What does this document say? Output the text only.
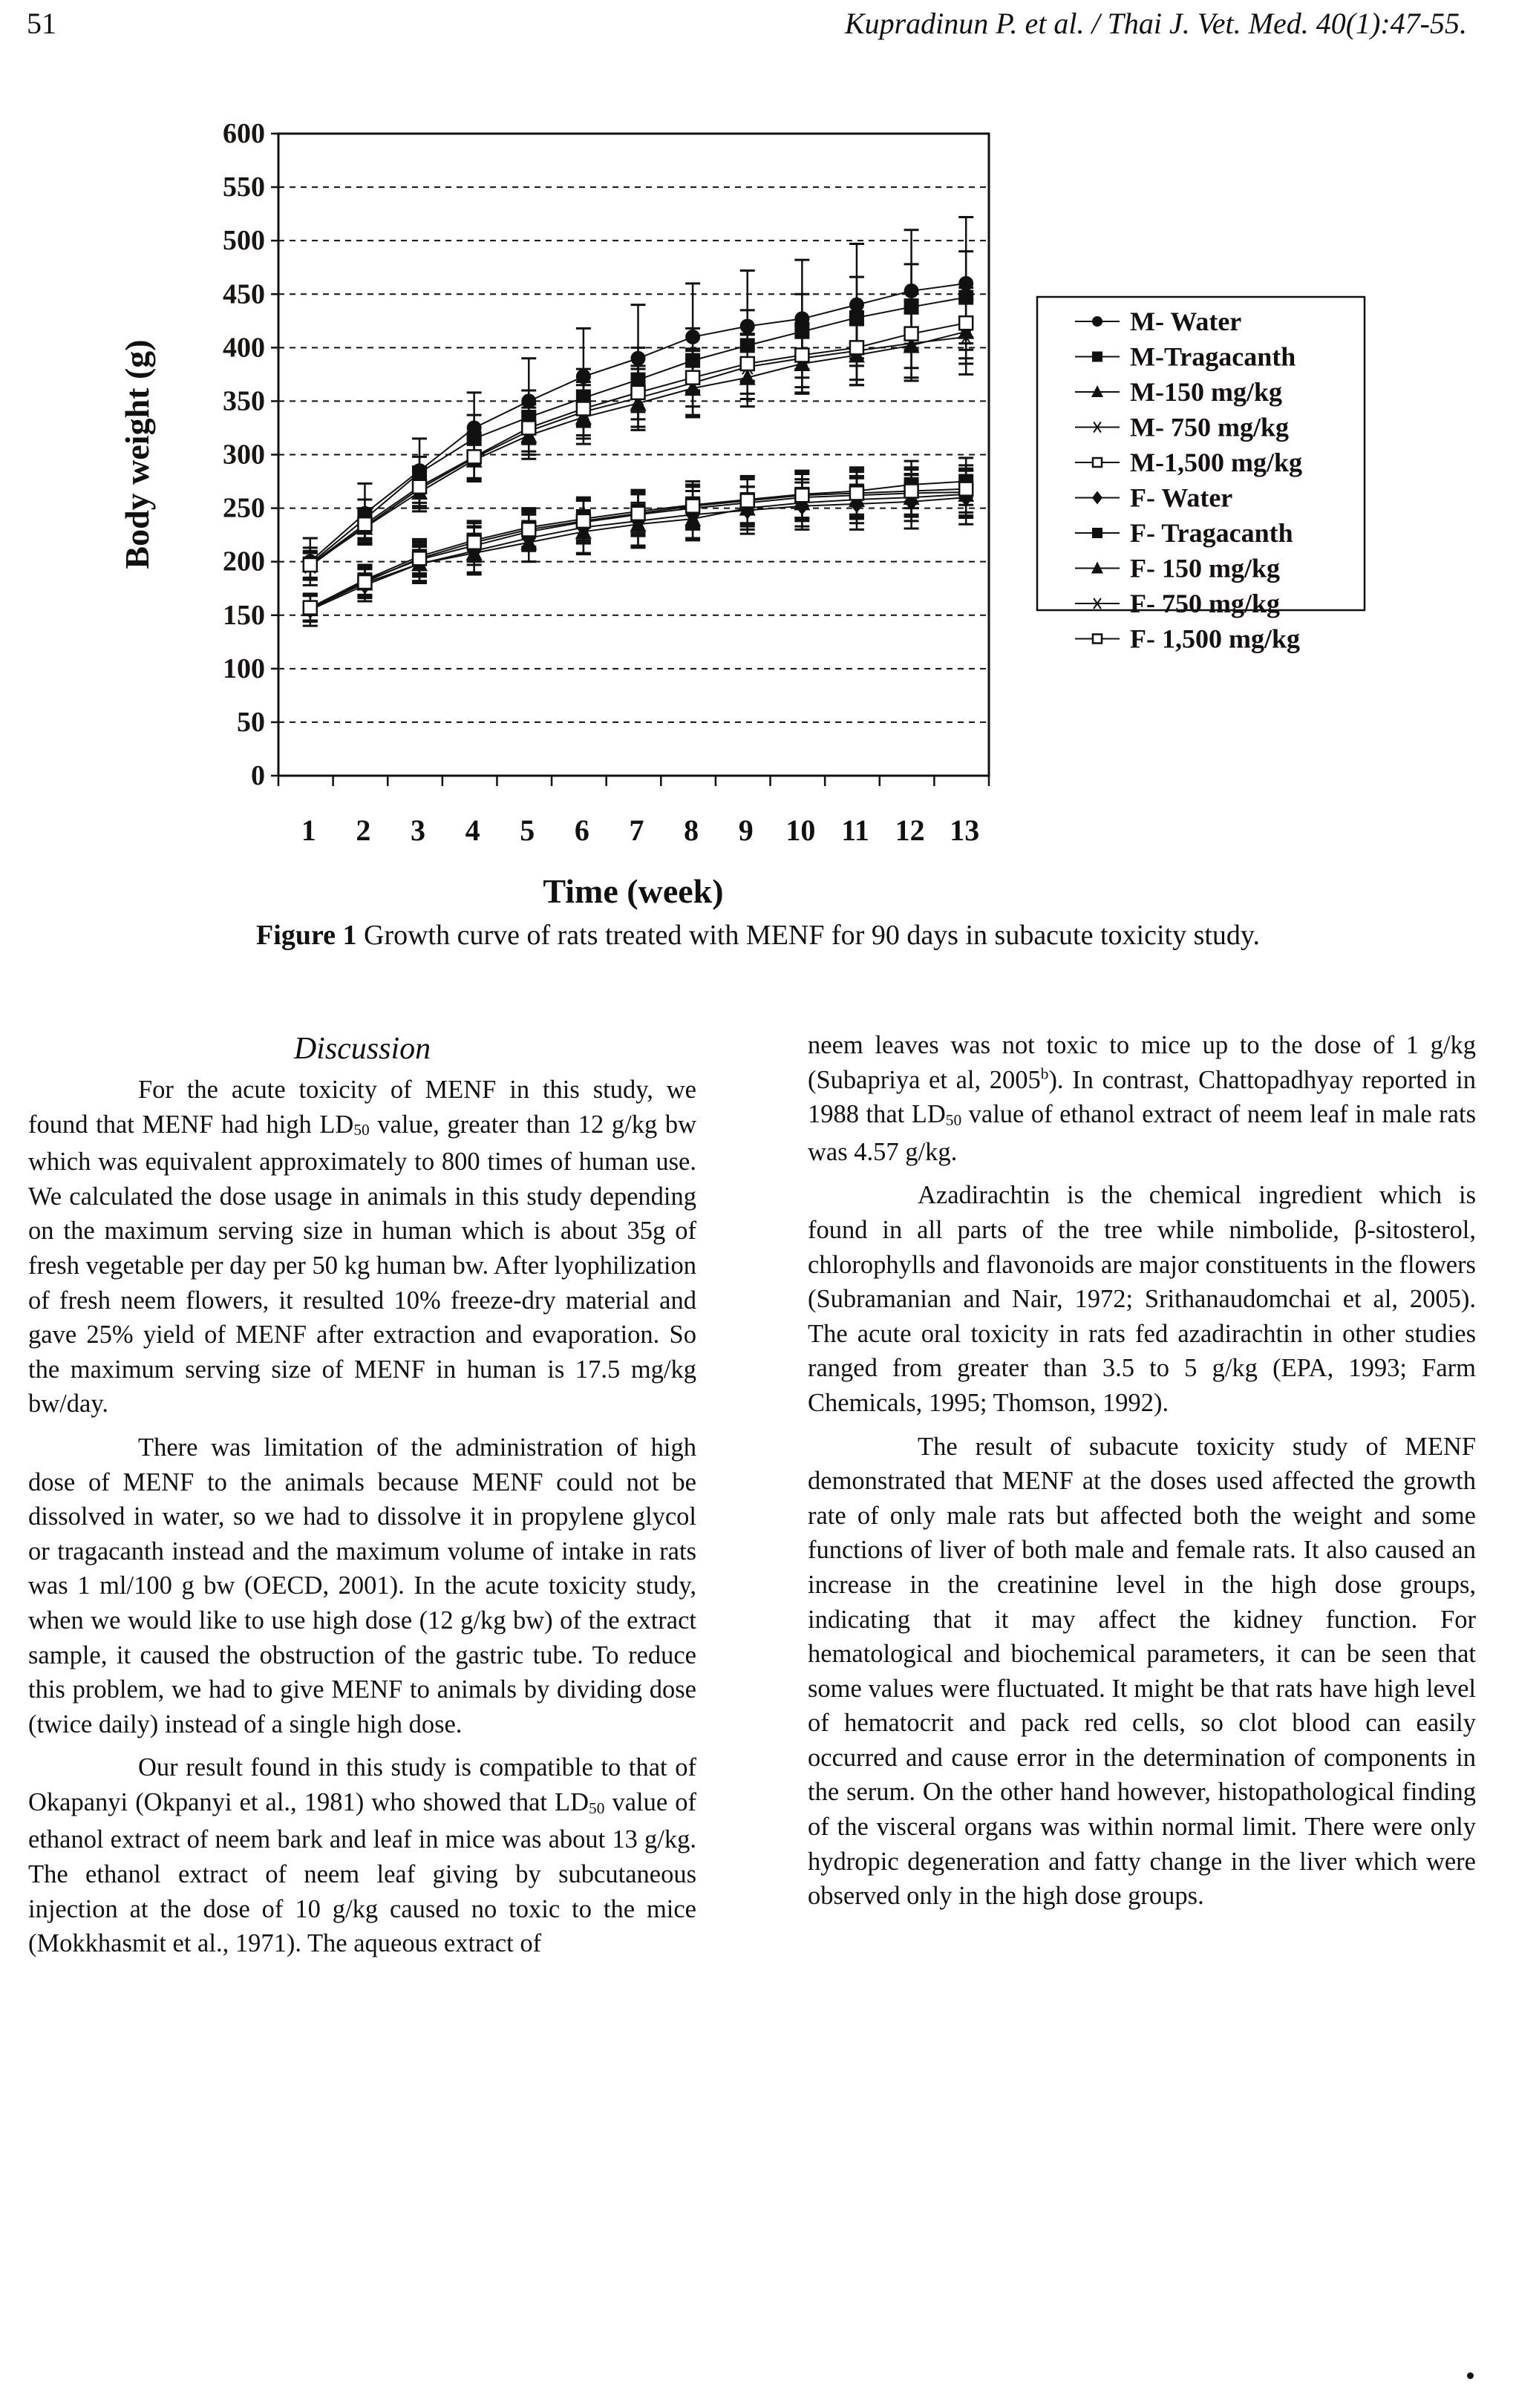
51	Kupradinun P. et al. / Thai J. Vet. Med. 40(1):47-55.
0
50
100
150
200
250
300
350
400
450
500
550
600
1 2 3 4 5 6 7 8 9 10 11 12 13
Time (week)
Body weight (g)
M- Water
M-Tragacanth
M-150 mg/kg
M- 750 mg/kg
M-1,500 mg/kg
F- Water
F- Tragacanth
F- 150 mg/kg
F- 750 mg/kg
F- 1,500 mg/kg
Figure 1 Growth curve of rats treated with MENF for 90 days in subacute toxicity study.
Discussion

For the acute toxicity of MENF in this study, we found that MENF had high LD50 value, greater than 12 g/kg bw which was equivalent approximately to 800 times of human use. We calculated the dose usage in animals in this study depending on the maximum serving size in human which is about 35g of fresh vegetable per day per 50 kg human bw. After lyophilization of fresh neem flowers, it resulted 10% freeze-dry material and gave 25% yield of MENF after extraction and evaporation. So the maximum serving size of MENF in human is 17.5 mg/kg bw/day.

There was limitation of the administration of high dose of MENF to the animals because MENF could not be dissolved in water, so we had to dissolve it in propylene glycol or tragacanth instead and the maximum volume of intake in rats was 1 ml/100 g bw (OECD, 2001). In the acute toxicity study, when we would like to use high dose (12 g/kg bw) of the extract sample, it caused the obstruction of the gastric tube. To reduce this problem, we had to give MENF to animals by dividing dose (twice daily) instead of a single high dose.

Our result found in this study is compatible to that of Okapanyi (Okpanyi et al., 1981) who showed that LD50 value of ethanol extract of neem bark and leaf in mice was about 13 g/kg. The ethanol extract of neem leaf giving by subcutaneous injection at the dose of 10 g/kg caused no toxic to the mice (Mokkhasmit et al., 1971). The aqueous extract of

neem leaves was not toxic to mice up to the dose of 1 g/kg (Subapriya et al, 2005$^b$). In contrast, Chattopadhyay reported in 1988 that LD50 value of ethanol extract of neem leaf in male rats was 4.57 g/kg.

Azadirachtin is the chemical ingredient which is found in all parts of the tree while nimbolide, β-sitosterol, chlorophylls and flavonoids are major constituents in the flowers (Subramanian and Nair, 1972; Srithanaudomchai et al, 2005). The acute oral toxicity in rats fed azadirachtin in other studies ranged from greater than 3.5 to 5 g/kg (EPA, 1993; Farm Chemicals, 1995; Thomson, 1992).

The result of subacute toxicity study of MENF demonstrated that MENF at the doses used affected the growth rate of only male rats but affected both the weight and some functions of liver of both male and female rats. It also caused an increase in the creatinine level in the high dose groups, indicating that it may affect the kidney function. For hematological and biochemical parameters, it can be seen that some values were fluctuated. It might be that rats have high level of hematocrit and pack red cells, so clot blood can easily occurred and cause error in the determination of components in the serum. On the other hand however, histopathological finding of the visceral organs was within normal limit. There were only hydropic degeneration and fatty change in the liver which were observed only in the high dose groups.
